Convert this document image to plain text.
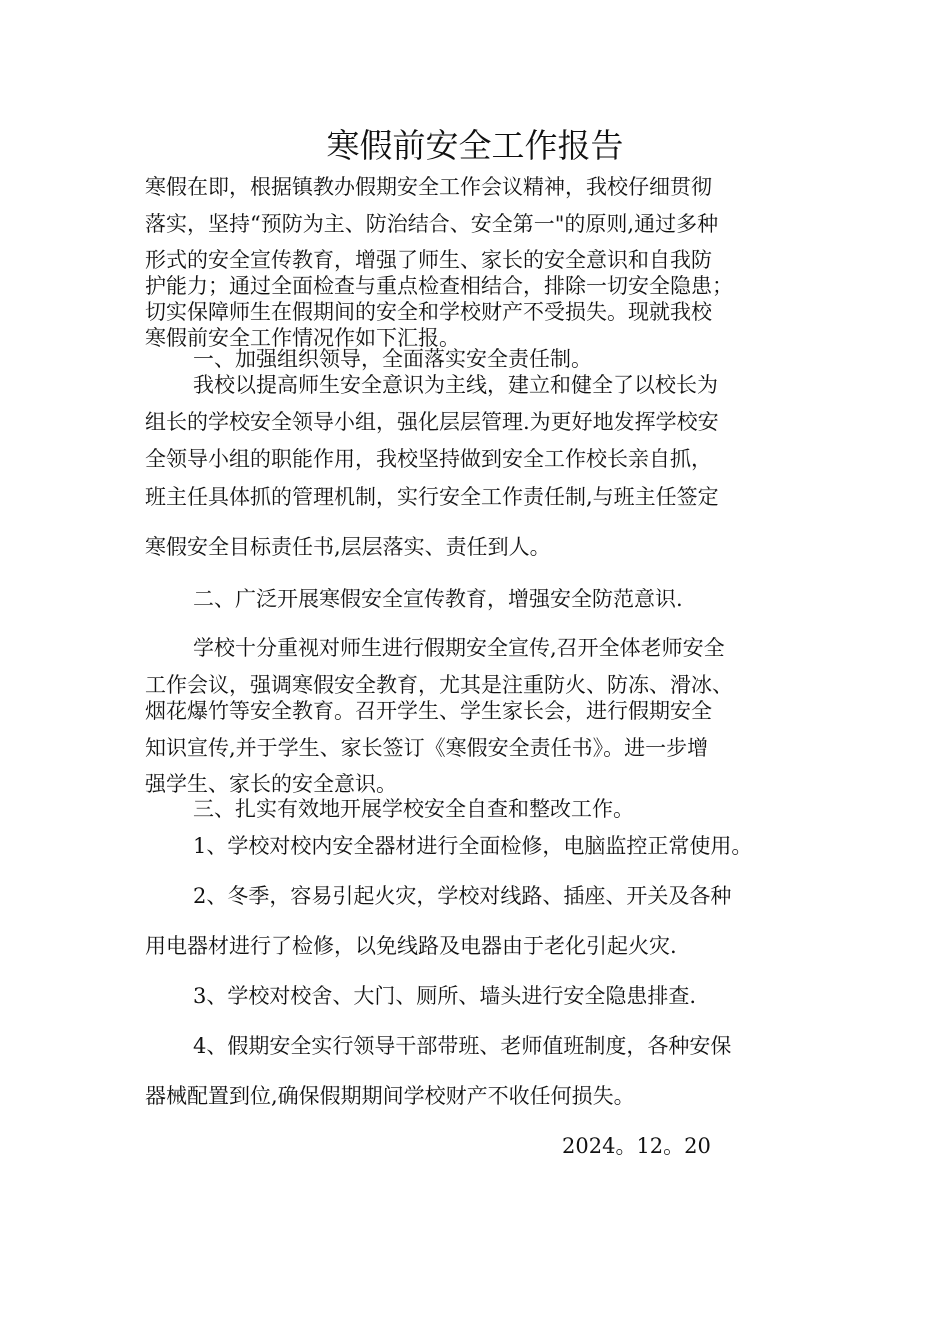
寒假前安全工作报告
寒假在即，根据镇教办假期安全工作会议精神，我校仔细贯彻
落实，坚持“预防为主、防治结合、安全第一"的原则,通过多种
形式的安全宣传教育，增强了师生、家长的安全意识和自我防
护能力；通过全面检查与重点检查相结合，排除一切安全隐患；
切实保障师生在假期间的安全和学校财产不受损失。现就我校
寒假前安全工作情况作如下汇报。
一、加强组织领导，全面落实安全责任制。
我校以提高师生安全意识为主线，建立和健全了以校长为
组长的学校安全领导小组，强化层层管理.为更好地发挥学校安
全领导小组的职能作用，我校坚持做到安全工作校长亲自抓，
班主任具体抓的管理机制，实行安全工作责任制,与班主任签定
寒假安全目标责任书,层层落实、责任到人。
二、广泛开展寒假安全宣传教育，增强安全防范意识.
学校十分重视对师生进行假期安全宣传,召开全体老师安全
工作会议，强调寒假安全教育，尤其是注重防火、防冻、滑冰、
烟花爆竹等安全教育。召开学生、学生家长会，进行假期安全
知识宣传,并于学生、家长签订《寒假安全责任书》。进一步增
强学生、家长的安全意识。
三、扎实有效地开展学校安全自查和整改工作。
1、学校对校内安全器材进行全面检修，电脑监控正常使用。
2、冬季，容易引起火灾，学校对线路、插座、开关及各种
用电器材进行了检修，以免线路及电器由于老化引起火灾.
3、学校对校舍、大门、厕所、墙头进行安全隐患排查.
4、假期安全实行领导干部带班、老师值班制度，各种安保
器械配置到位,确保假期期间学校财产不收任何损失。
2024。12。20
